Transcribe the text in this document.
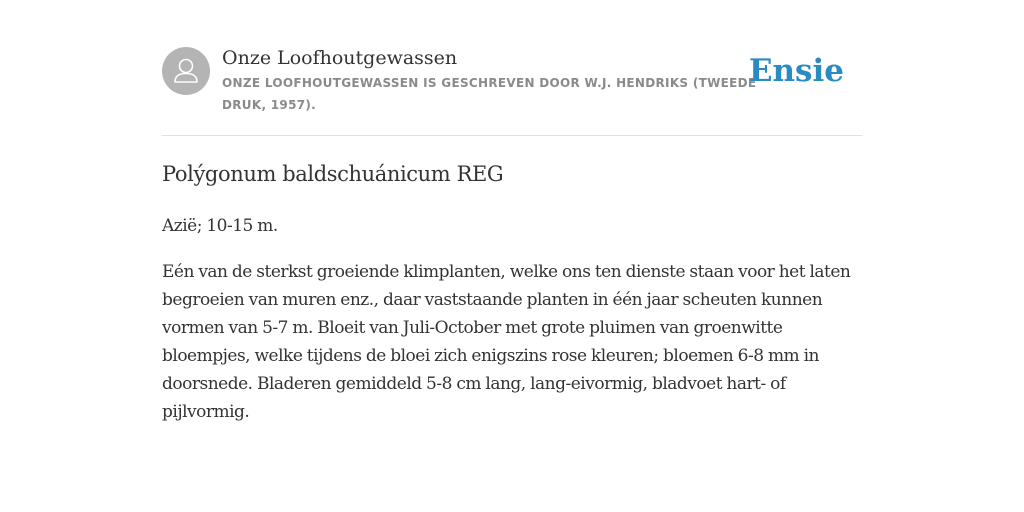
Onze Loofhoutgewassen
ONZE LOOFHOUTGEWASSEN IS GESCHREVEN DOOR W.J. HENDRIKS (TWEEDE DRUK, 1957).
Ensie
Polýgonum baldschuánicum REG

Azië; 10-15 m.

Eén van de sterkst groeiende klimplanten, welke ons ten dienste staan voor het laten begroeien van muren enz., daar vaststaande planten in één jaar scheuten kunnen vormen van 5-7 m. Bloeit van Juli-October met grote pluimen van groenwitte bloempjes, welke tijdens de bloei zich enigszins rose kleuren; bloemen 6-8 mm in doorsnede. Bladeren gemiddeld 5-8 cm lang, lang-eivormig, bladvoet hart- of pijlvormig.
